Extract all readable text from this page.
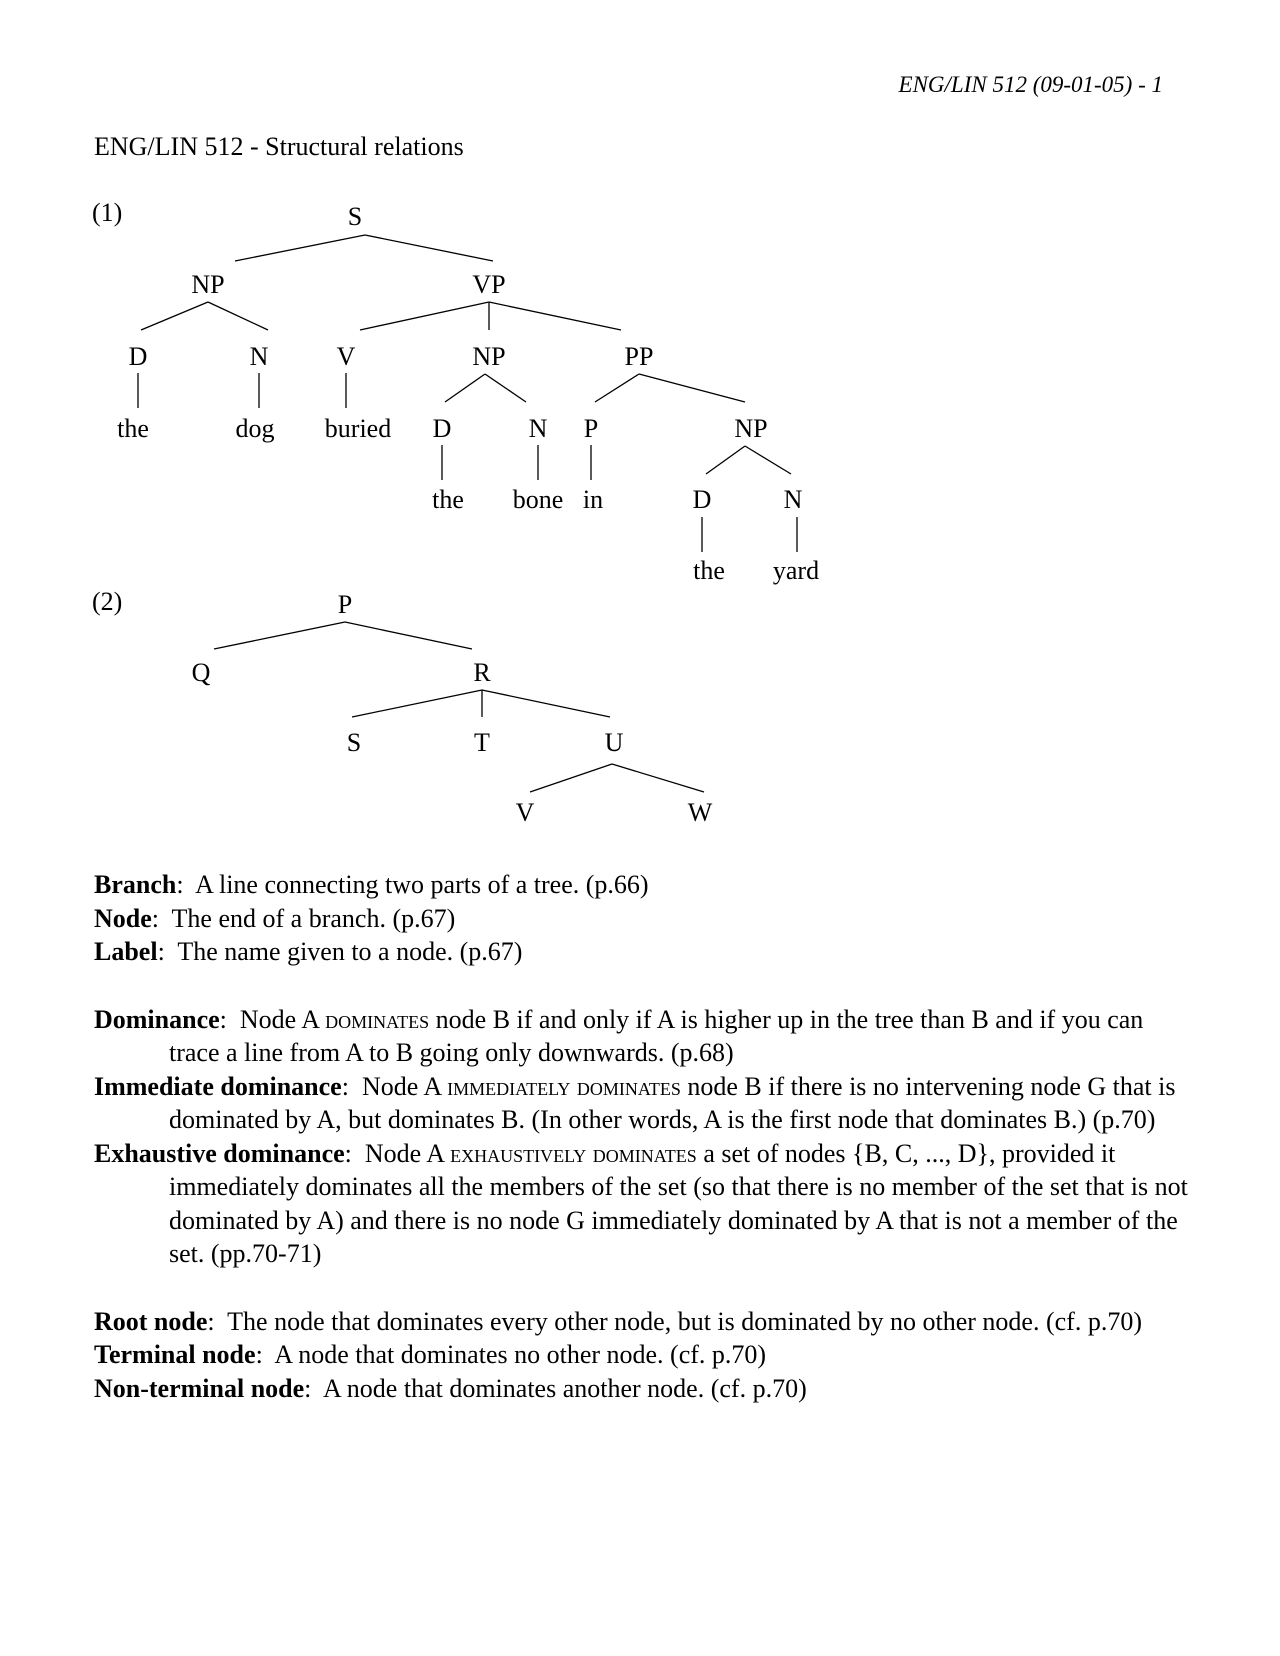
ENG/LIN 512 (09-01-05) - 1
ENG/LIN 512 - Structural relations
(1)	S
NP	VP
D	N	V	NP	PP
the	dog buried D	N P	NP
the bone in	D	N
the yard
(2)	P
Q	R
S	T	U
V	W

Branch:  A line connecting two parts of a tree. (p.66)

Node:  The end of a branch. (p.67)

Label:  The name given to a node. (p.67)

Dominance:  Node A dominates node B if and only if A is higher up in the tree than B and if you can trace a line from A to B going only downwards. (p.68)

Immediate dominance:  Node A immediately dominates node B if there is no intervening node G that is dominated by A, but dominates B. (In other words, A is the first node that dominates B.) (p.70)

Exhaustive dominance:  Node A exhaustively dominates a set of nodes {B, C, ..., D}, provided it immediately dominates all the members of the set (so that there is no member of the set that is not dominated by A) and there is no node G immediately dominated by A that is not a member of the set. (pp.70-71)

Root node:  The node that dominates every other node, but is dominated by no other node. (cf. p.70)

Terminal node:  A node that dominates no other node. (cf. p.70)

Non-terminal node:  A node that dominates another node. (cf. p.70)
